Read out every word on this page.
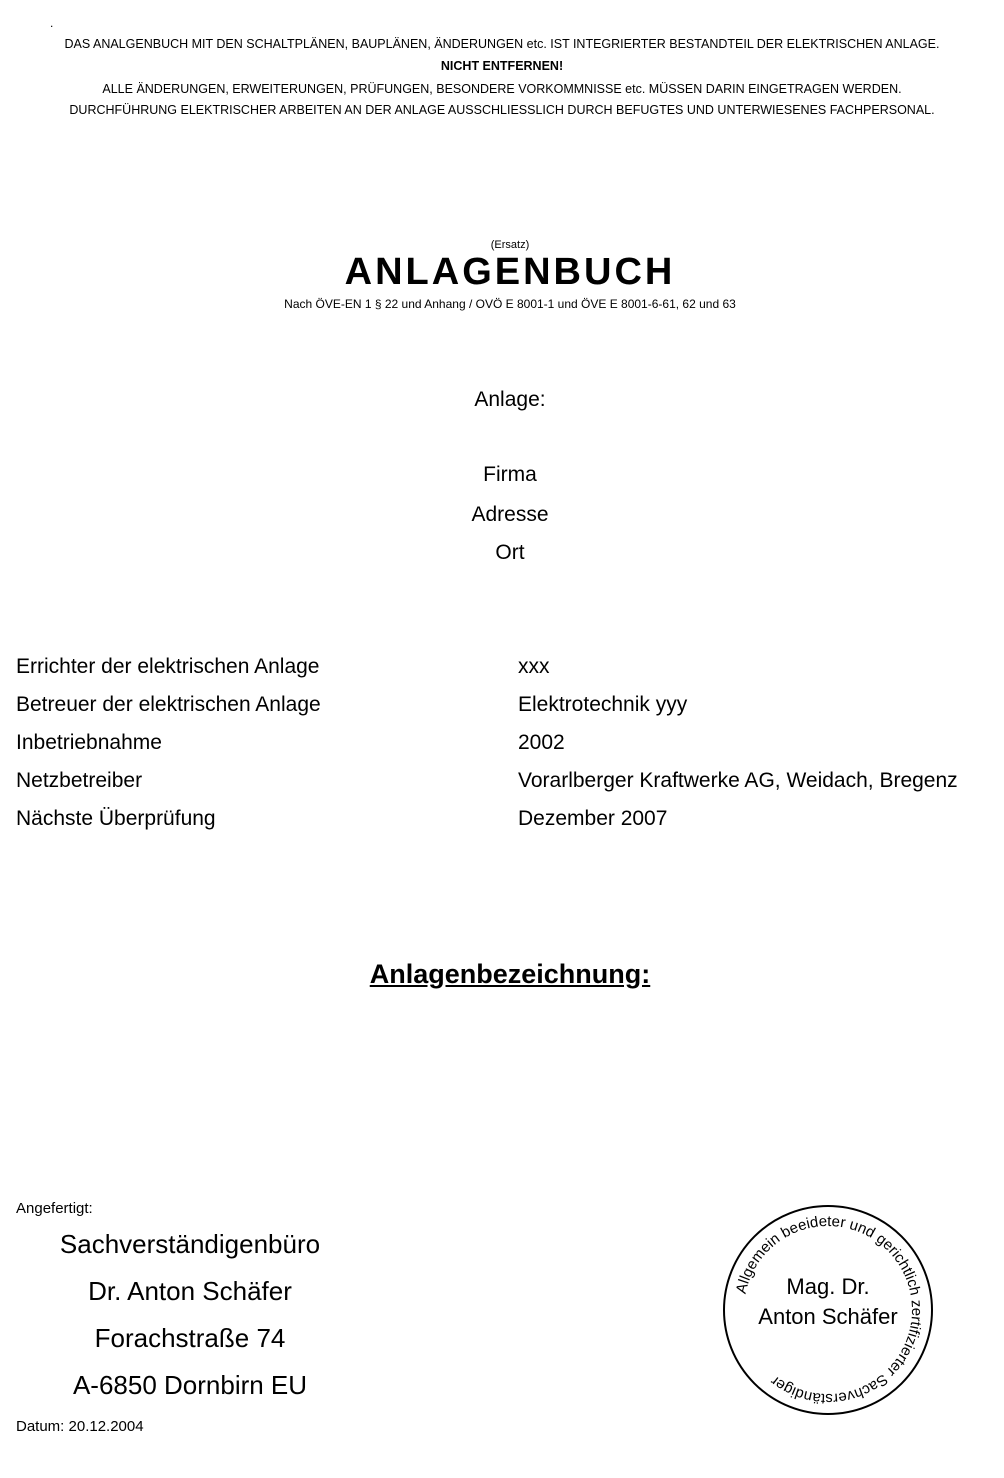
.
DAS ANALGENBUCH MIT DEN SCHALTPLÄNEN, BAUPLÄNEN, ÄNDERUNGEN etc. IST INTEGRIERTER BESTANDTEIL DER ELEKTRISCHEN ANLAGE.
NICHT ENTFERNEN!
ALLE ÄNDERUNGEN, ERWEITERUNGEN, PRÜFUNGEN, BESONDERE VORKOMMNISSE etc. MÜSSEN DARIN EINGETRAGEN WERDEN.
DURCHFÜHRUNG ELEKTRISCHER ARBEITEN AN DER ANLAGE AUSSCHLIESSLICH DURCH BEFUGTES UND UNTERWIESENES FACHPERSONAL.
(Ersatz)
ANLAGENBUCH
Nach ÖVE-EN 1 § 22 und Anhang / OVÖ E 8001-1 und ÖVE E 8001-6-61, 62 und 63
Anlage:
Firma
Adresse
Ort
Errichter der elektrischen Anlage	xxx
Betreuer der elektrischen Anlage	Elektrotechnik yyy
Inbetriebnahme	2002
Netzbetreiber	Vorarlberger Kraftwerke AG, Weidach, Bregenz
Nächste Überprüfung	Dezember 2007
Anlagenbezeichnung:
Angefertigt:
Sachverständigenbüro
Dr. Anton Schäfer
Forachstraße 74
A-6850 Dornbirn EU
Datum: 20.12.2004
Allgemein beeideter und gerichtlich zertifizierter Sachverständiger
Mag. Dr.
Anton Schäfer
